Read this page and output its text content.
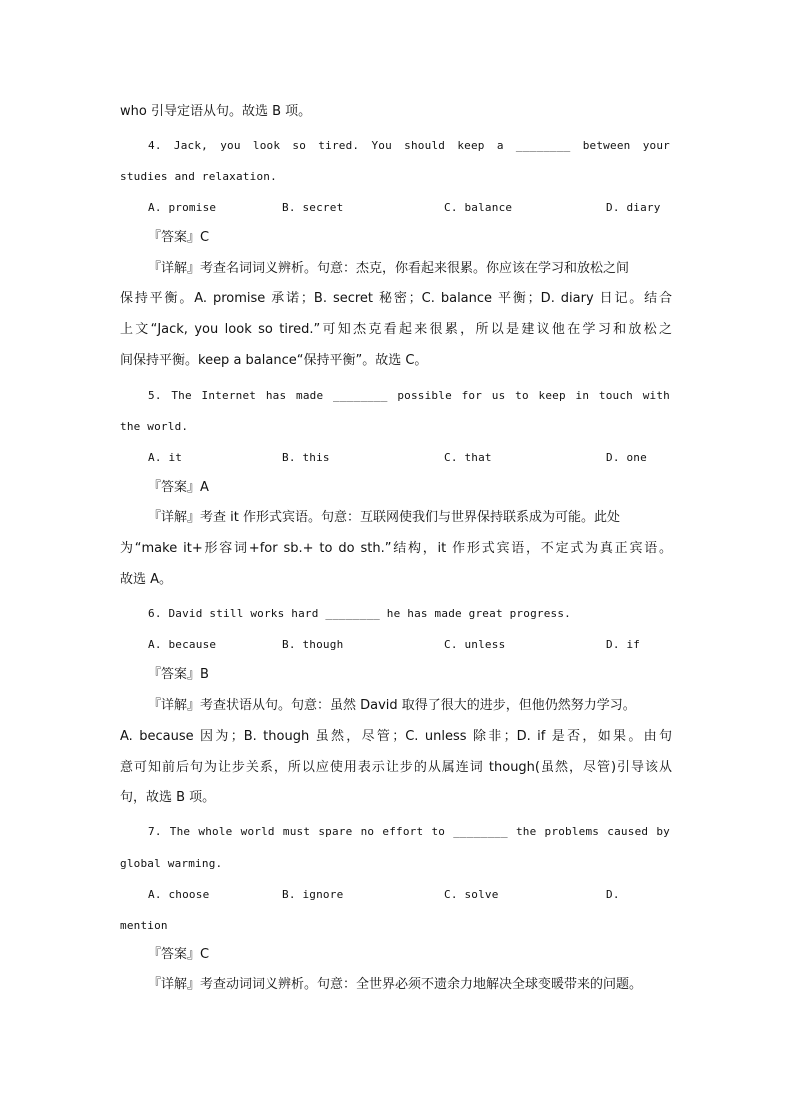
who 引导定语从句。故选 B 项。
4. Jack, you look so tired. You should keep a ________ between your
studies and relaxation.
A. promise	B. secret	C. balance	D. diary
『答案』C
『详解』考查名词词义辨析。句意：杰克，你看起来很累。你应该在学习和放松之间
保持平衡。A. promise 承诺；B. secret 秘密；C. balance 平衡；D. diary 日记。结合
上文“Jack, you look so tired.”可知杰克看起来很累，所以是建议他在学习和放松之
间保持平衡。keep a balance“保持平衡”。故选 C。
5. The Internet has made ________ possible for us to keep in touch with
the world.
A. it	B. this	C. that	D. one
『答案』A
『详解』考查 it 作形式宾语。句意：互联网使我们与世界保持联系成为可能。此处
为“make it+形容词+for sb.+ to do sth.”结构，it 作形式宾语，不定式为真正宾语。
故选 A。
6. David still works hard ________ he has made great progress.
A. because	B. though	C. unless	D. if
『答案』B
『详解』考查状语从句。句意：虽然 David 取得了很大的进步，但他仍然努力学习。
A. because 因为；B. though 虽然，尽管；C. unless 除非；D. if 是否，如果。由句
意可知前后句为让步关系，所以应使用表示让步的从属连词 though(虽然，尽管)引导该从
句，故选 B 项。
7. The whole world must spare no effort to ________ the problems caused by
global warming.
A. choose	B. ignore	C. solve	D.
mention
『答案』C
『详解』考查动词词义辨析。句意：全世界必须不遗余力地解决全球变暖带来的问题。
